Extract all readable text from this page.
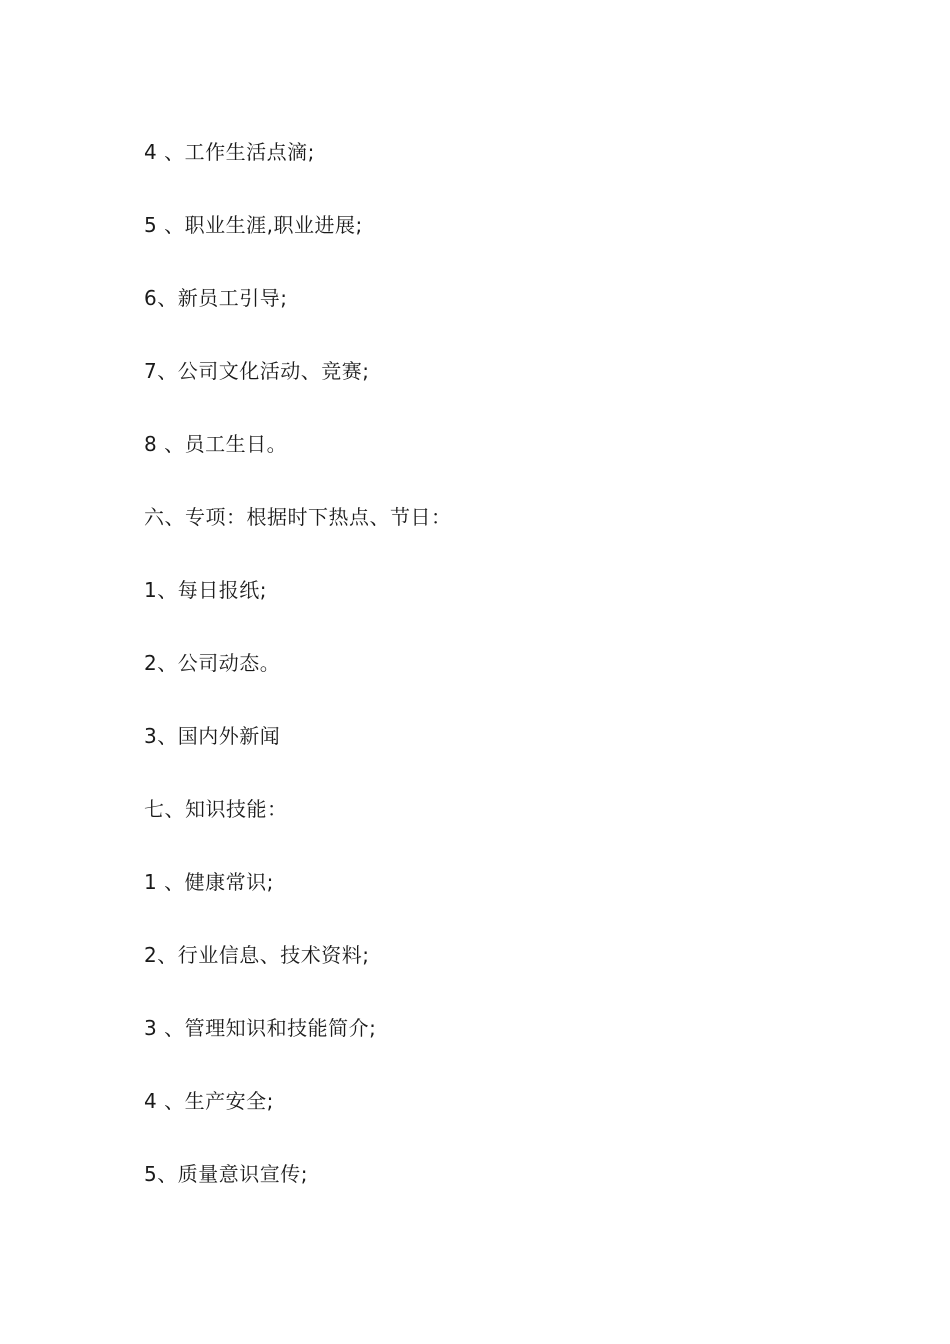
4 、工作生活点滴;
5 、职业生涯,职业进展;
6、新员工引导;
7、公司文化活动、竞赛;
8 、员工生日。
六、专项：根据时下热点、节日：
1、每日报纸;
2、公司动态。
3、国内外新闻
七、知识技能：
1 、健康常识;
2、行业信息、技术资料;
3 、管理知识和技能简介;
4 、生产安全;
5、质量意识宣传;
